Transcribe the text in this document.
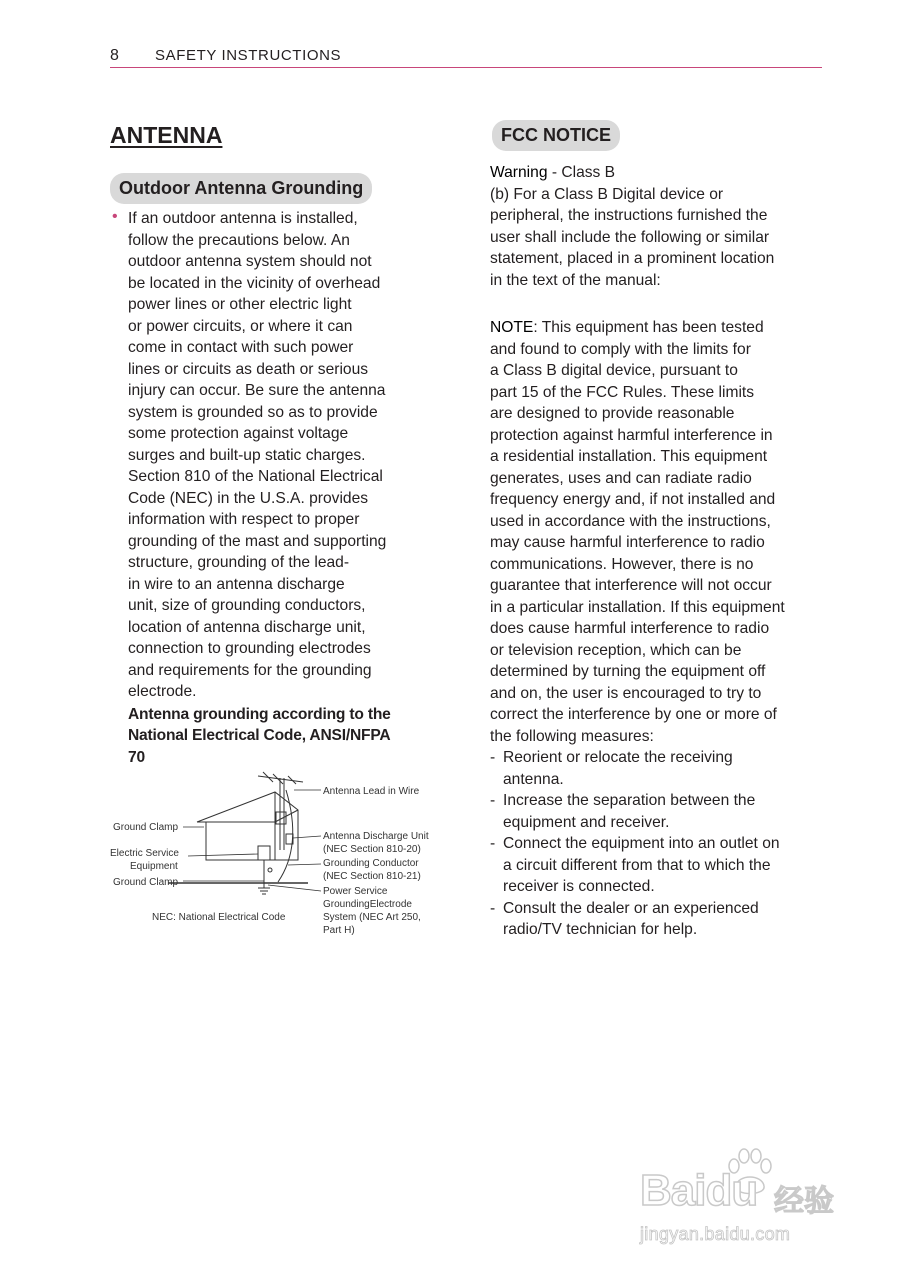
8 SAFETY INSTRUCTIONS
ANTENNA
Outdoor Antenna Grounding
• If an outdoor antenna is installed,
follow the precautions below. An
outdoor antenna system should not
be located in the vicinity of overhead
power lines or other electric light
or power circuits, or where it can
come in contact with such power
lines or circuits as death or serious
injury can occur. Be sure the antenna
system is grounded so as to provide
some protection against voltage
surges and built-up static charges.
Section 810 of the National Electrical
Code (NEC) in the U.S.A. provides
information with respect to proper
grounding of the mast and supporting
structure, grounding of the lead-
in wire to an antenna discharge
unit, size of grounding conductors,
location of antenna discharge unit,
connection to grounding electrodes
and requirements for the grounding
electrode.

Antenna grounding according to the
National Electrical Code, ANSI/NFPA
70

Antenna Lead in Wire
Ground Clamp
Electric Service
Equipment
Ground Clamp
Antenna Discharge Unit
(NEC Section 810-20)
Grounding Conductor
(NEC Section 810-21)
Power Service
GroundingElectrode
System (NEC Art 250,
Part H)
NEC: National Electrical Code
FCC NOTICE

Warning - Class B

(b) For a Class B Digital device or
peripheral, the instructions furnished the
user shall include the following or similar
statement, placed in a prominent location
in the text of the manual:

NOTE: This equipment has been tested
and found to comply with the limits for
a Class B digital device, pursuant to
part 15 of the FCC Rules. These limits
are designed to provide reasonable
protection against harmful interference in
a residential installation. This equipment
generates, uses and can radiate radio
frequency energy and, if not installed and
used in accordance with the instructions,
may cause harmful interference to radio
communications. However, there is no
guarantee that interference will not occur
in a particular installation. If this equipment
does cause harmful interference to radio
or television reception, which can be
determined by turning the equipment off
and on, the user is encouraged to try to
correct the interference by one or more of
the following measures:

- Reorient or relocate the receiving
antenna.
- Increase the separation between the
equipment and receiver.
- Connect the equipment into an outlet on
a circuit different from that to which the
receiver is connected.
- Consult the dealer or an experienced
radio/TV technician for help.
Baidu 经验
jingyan.baidu.com
